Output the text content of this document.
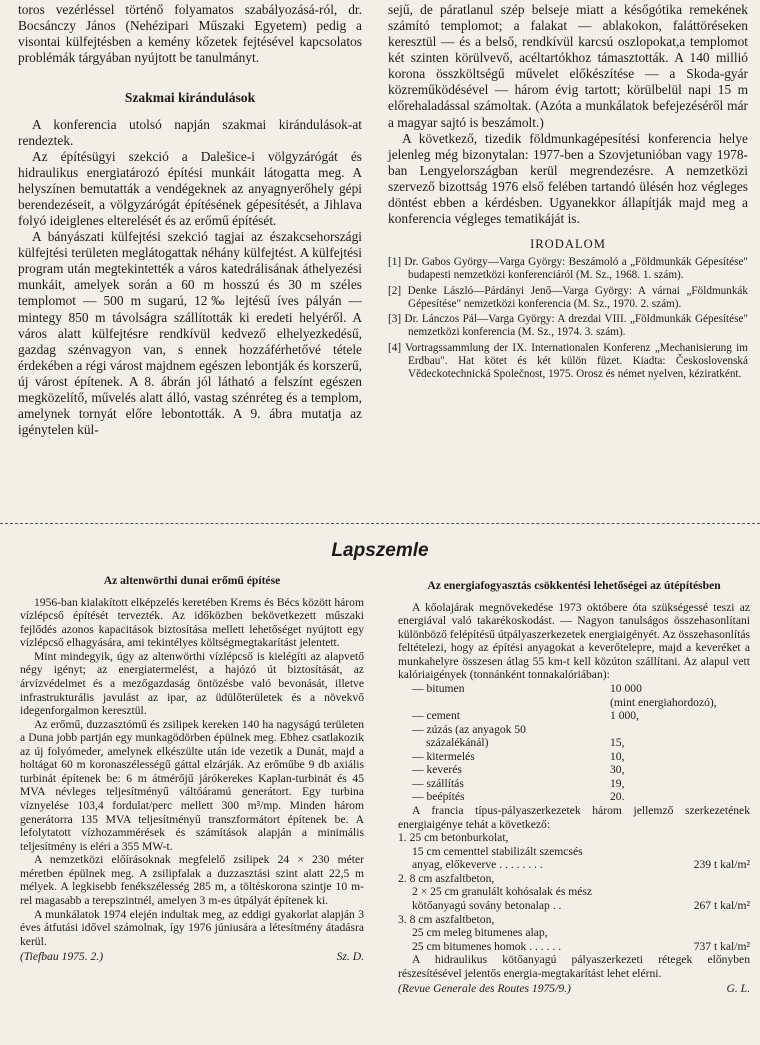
toros vezérléssel történő folyamatos szabályozásá-ról, dr. Bocsánczy János (Nehézipari Műszaki Egyetem) pedig a visontai külfejtésben a kemény kőzetek fejtésével kapcsolatos problémák tárgyában nyújtott be tanulmányt.

Szakmai kirándulások

A konferencia utolsó napján szakmai kirándulások-at rendeztek.

Az építésügyi szekció a Dalešice-i völgyzárógát és hidraulikus energiatározó építési munkáit látogatta meg. A helyszínen bemutatták a vendégeknek az anyagnyerőhely gépi berendezéseit, a völgyzárógát építésének gépesítését, a Jihlava folyó ideiglenes elterelését és az erőmű építését.

A bányászati külfejtési szekció tagjai az északcsehországi külfejtési területen meglátogattak néhány külfejtést. A külfejtési program után megtekintették a város katedrálisának áthelyezési munkáit, amelyek során a 60 m hosszú és 30 m széles templomot — 500 m sugarú, 12‰ lejtésű íves pályán — mintegy 850 m távolságra szállították ki eredeti helyéről. A város alatt külfejtésre rendkívül kedvező elhelyezkedésű, gazdag szénvagyon van, s ennek hozzáférhetővé tétele érdekében a régi várost majdnem egészen lebontják és korszerű, új várost építenek. A 8. ábrán jól látható a felszínt egészen megközelítő, művelés alatt álló, vastag szénréteg és a templom, amelynek tornyát előre lebontották. A 9. ábra mutatja az igénytelen kül-

sejű, de páratlanul szép belseje miatt a későgótika remekének számító templomot; a falakat — ablakokon, faláttöréseken keresztül — és a belső, rendkívül karcsú oszlopokat,a templomot két szinten körülvevő, acéltartókhoz támasztották. A 140 millió korona összköltségű művelet előkészítése — a Skoda-gyár közreműködésével — három évig tartott; körülbelül napi 15 m előrehaladással számoltak. (Azóta a munkálatok befejezéséről már a magyar sajtó is beszámolt.)

A következő, tizedik földmunkagépesítési konferencia helye jelenleg még bizonytalan: 1977-ben a Szovjetunióban vagy 1978-ban Lengyelországban kerül megrendezésre. A nemzetközi szervező bizottság 1976 első felében tartandó ülésén hoz végleges döntést ebben a kérdésben. Ugyanekkor állapítják majd meg a konferencia végleges tematikáját is.

IRODALOM

[1] Dr. Gabos György—Varga György: Beszámoló a „Földmunkák Gépesítése" budapesti nemzetközi konferenciáról (M. Sz., 1968. 1. szám).

[2] Denke László—Párdányi Jenő—Varga György: A várnai „Földmunkák Gépesítése" nemzetközi konferencia (M. Sz., 1970. 2. szám).

[3] Dr. Lánczos Pál—Varga György: A drezdai VIII. „Földmunkák Gépesítése" nemzetközi konferencia (M. Sz., 1974. 3. szám).

[4] Vortragssammlung der IX. Internationalen Konferenz „Mechanisierung im Erdbau". Hat kötet és két külön füzet. Kiadta: Československá Vědeckotechnická Společnost, 1975. Orosz és német nyelven, kéziratként.

Lapszemle
Az altenwörthi dunai erőmű építése

1956-ban kialakított elképzelés keretében Krems és Bécs között három vízlépcső építését tervezték. Az időközben bekövetkezett műszaki fejlődés azonos kapacitások biztosítása mellett lehetőséget nyújtott egy vízlépcső elhagyására, ami tekintélyes költségmegtakarítást jelentett.

Mint mindegyik, úgy az altenwörthi vízlépcső is kielégíti az alapvető négy igényt; az energiatermelést, a hajózó út biztosítását, az árvízvédelmet és a mezőgazdaság öntözésbe való bevonását, illetve infrastrukturális javulást az ipar, az üdülőterületek és a növekvő idegenforgalmon keresztül.

Az erőmű, duzzasztómű és zsilipek kereken 140 ha nagyságú területen a Duna jobb partján egy munkagödörben épülnek meg. Ebhez csatlakozik az új folyómeder, amelynek elkészülte után ide vezetik a Dunát, majd a holtágat 60 m koronaszélességű gáttal elzárják. Az erőműbe 9 db axiális turbinát építenek be: 6 m átmérőjű járókerekes Kaplan-turbinát és 45 MVA névleges teljesítményű váltóáramú generátort. Egy turbina víznyelése 103,4 fordulat/perc mellett 300 m³/mp. Minden három generátorra 135 MVA teljesítményű transzformátort építenek be. A lefolytatott vízhozammérések és számítások alapján a minimális teljesítmény is eléri a 355 MW-t.

A nemzetközi előírásoknak megfelelő zsilipek 24 × 230 méter méretben épülnek meg. A zsilipfalak a duzzasztási szint alatt 22,5 m mélyek. A legkisebb fenékszélesség 285 m, a töltéskorona szintje 10 m-rel magasabb a terepszintnél, amelyen 3 m-es útpályát építenek ki.

A munkálatok 1974 elején indultak meg, az eddigi gyakorlat alapján 3 éves átfutási idővel számolnak, így 1976 júniusára a létesítmény átadásra kerül.

(Tiefbau 1975. 2.)	Sz. D.
Az energiafogyasztás csökkentési lehetőségei az útépítésben

A kőolajárak megnövekedése 1973 októbere óta szükségessé teszi az energiával való takarékoskodást. — Nagyon tanulságos összehasonlítani különböző felépítésű útpályaszerkezetek energiaigényét. Az összehasonlítás feltételezi, hogy az építési anyagokat a keverőtelepre, majd a keveréket a munkahelyre összesen átlag 55 km-t kell közúton szállítani. Az alapul vett kalóriaigények (tonnánként tonnakalóriában):

— bitumen	10 000
(mint energiahordozó),
— cement	1 000,
— zúzás (az anyagok 50
százalékánál)	15,
— kitermelés	10,
— keverés	30,
— szállítás	19,
— beépítés	20.

A francia típus-pályaszerkezetek három jellemző szerkezetének energiaigénye tehát a következő:

1. 25 cm betonburkolat,
15 cm cementtel stabilizált szemcsés
anyag, előkeverve . . . . . . . .	239 t kal/m²
2. 8 cm aszfaltbeton,
2 × 25 cm granulált kohósalak és mész
kötőanyagú sovány betonalap . .	267 t kal/m²
3. 8 cm aszfaltbeton,
25 cm meleg bitumenes alap,
25 cm bitumenes homok . . . . . .	737 t kal/m²

A hidraulikus kötőanyagú pályaszerkezeti rétegek előnyben részesítésével jelentős energia-megtakarítást lehet elérni.

(Revue Generale des Routes 1975/9.)	G. L.
